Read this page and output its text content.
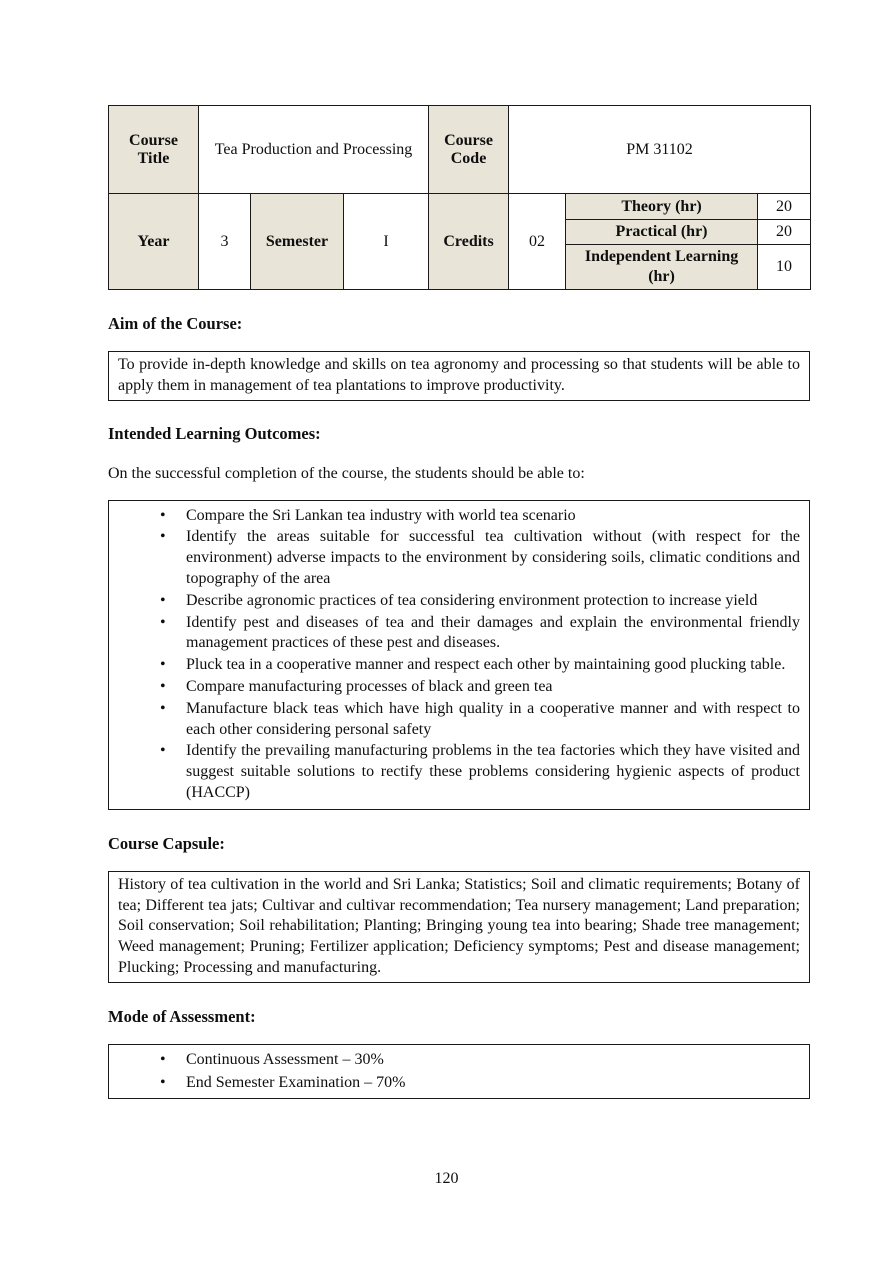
Course Title	Tea Production and Processing			Course Code	PM 31102		
Year	3	Semester	I	Credits	02	Theory (hr)	20
						Practical (hr)	20
						Independent Learning (hr)	10
Aim of the Course:
To provide in-depth knowledge and skills on tea agronomy and processing so that students will be able to apply them in management of tea plantations to improve productivity.
Intended Learning Outcomes:
On the successful completion of the course, the students should be able to:
• Compare the Sri Lankan tea industry with world tea scenario
• Identify the areas suitable for successful tea cultivation without (with respect for the environment) adverse impacts to the environment by considering soils, climatic conditions and topography of the area
• Describe agronomic practices of tea considering environment protection to increase yield
• Identify pest and diseases of tea and their damages and explain the environmental friendly management practices of these pest and diseases.
• Pluck tea in a cooperative manner and respect each other by maintaining good plucking table.
• Compare manufacturing processes of black and green tea
• Manufacture black teas which have high quality in a cooperative manner and with respect to each other considering personal safety
• Identify the prevailing manufacturing problems in the tea factories which they have visited and suggest suitable solutions to rectify these problems considering hygienic aspects of product (HACCP)
Course Capsule:
History of tea cultivation in the world and Sri Lanka; Statistics; Soil and climatic requirements; Botany of tea; Different tea jats; Cultivar and cultivar recommendation; Tea nursery management; Land preparation; Soil conservation; Soil rehabilitation; Planting; Bringing young tea into bearing; Shade tree management; Weed management; Pruning; Fertilizer application; Deficiency symptoms; Pest and disease management; Plucking; Processing and manufacturing.
Mode of Assessment:
• Continuous Assessment – 30%
• End Semester Examination – 70%
120
